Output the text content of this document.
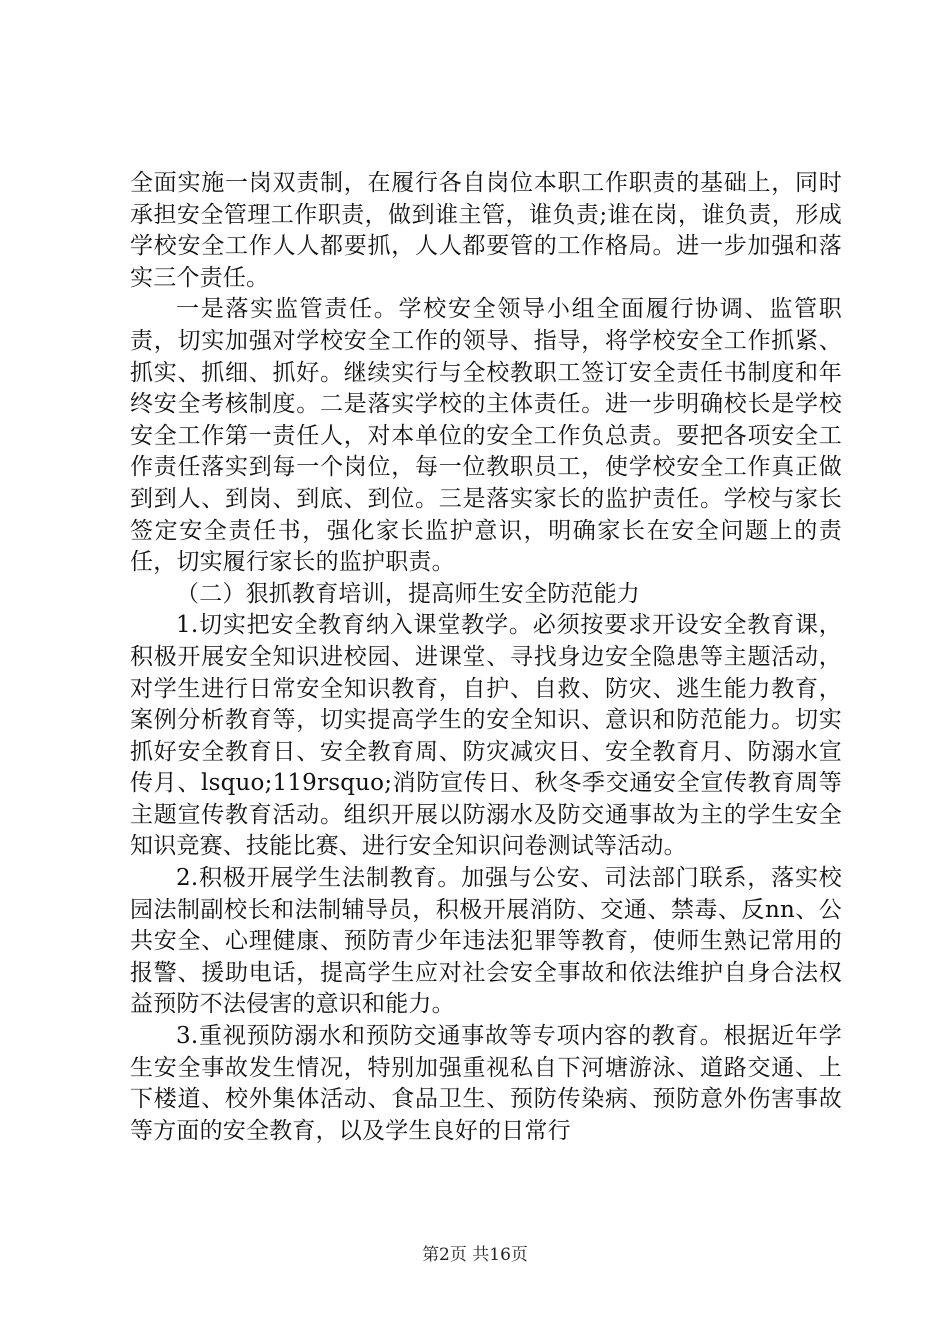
全面实施一岗双责制，在履行各自岗位本职工作职责的基础上，同时承担安全管理工作职责，做到谁主管，谁负责;谁在岗，谁负责，形成学校安全工作人人都要抓，人人都要管的工作格局。进一步加强和落实三个责任。

一是落实监管责任。学校安全领导小组全面履行协调、监管职责，切实加强对学校安全工作的领导、指导，将学校安全工作抓紧、抓实、抓细、抓好。继续实行与全校教职工签订安全责任书制度和年终安全考核制度。二是落实学校的主体责任。进一步明确校长是学校安全工作第一责任人，对本单位的安全工作负总责。要把各项安全工作责任落实到每一个岗位，每一位教职员工，使学校安全工作真正做到到人、到岗、到底、到位。三是落实家长的监护责任。学校与家长签定安全责任书，强化家长监护意识，明确家长在安全问题上的责任，切实履行家长的监护职责。

（二）狠抓教育培训，提高师生安全防范能力

1.切实把安全教育纳入课堂教学。必须按要求开设安全教育课，积极开展安全知识进校园、进课堂、寻找身边安全隐患等主题活动，对学生进行日常安全知识教育，自护、自救、防灾、逃生能力教育，案例分析教育等，切实提高学生的安全知识、意识和防范能力。切实抓好安全教育日、安全教育周、防灾减灾日、安全教育月、防溺水宣传月、lsquo;119rsquo;消防宣传日、秋冬季交通安全宣传教育周等主题宣传教育活动。组织开展以防溺水及防交通事故为主的学生安全知识竞赛、技能比赛、进行安全知识问卷测试等活动。

2.积极开展学生法制教育。加强与公安、司法部门联系，落实校园法制副校长和法制辅导员，积极开展消防、交通、禁毒、反nn、公共安全、心理健康、预防青少年违法犯罪等教育，使师生熟记常用的报警、援助电话，提高学生应对社会安全事故和依法维护自身合法权益预防不法侵害的意识和能力。

3.重视预防溺水和预防交通事故等专项内容的教育。根据近年学生安全事故发生情况，特别加强重视私自下河塘游泳、道路交通、上下楼道、校外集体活动、食品卫生、预防传染病、预防意外伤害事故等方面的安全教育，以及学生良好的日常行

第2页 共16页
